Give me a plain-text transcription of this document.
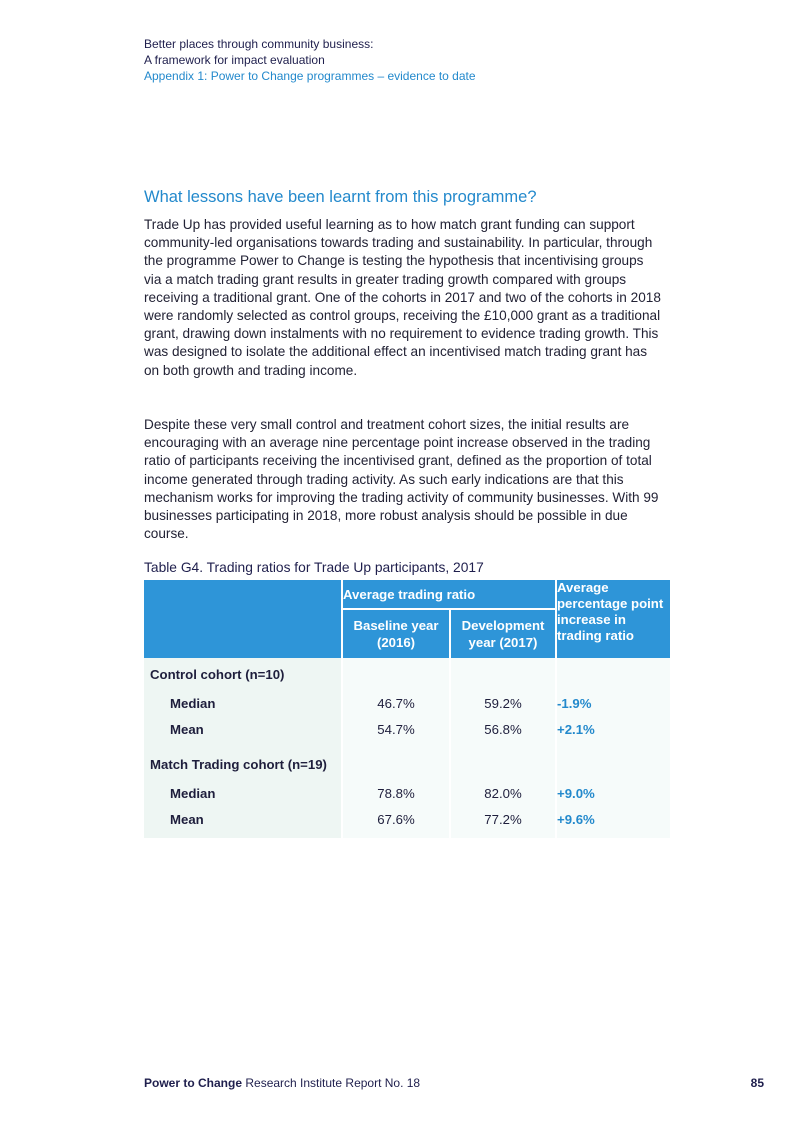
Better places through community business:
A framework for impact evaluation
Appendix 1: Power to Change programmes – evidence to date
What lessons have been learnt from this programme?

Trade Up has provided useful learning as to how match grant funding can support community-led organisations towards trading and sustainability. In particular, through the programme Power to Change is testing the hypothesis that incentivising groups via a match trading grant results in greater trading growth compared with groups receiving a traditional grant. One of the cohorts in 2017 and two of the cohorts in 2018 were randomly selected as control groups, receiving the £10,000 grant as a traditional grant, drawing down instalments with no requirement to evidence trading growth. This was designed to isolate the additional effect an incentivised match trading grant has on both growth and trading income.

Despite these very small control and treatment cohort sizes, the initial results are encouraging with an average nine percentage point increase observed in the trading ratio of participants receiving the incentivised grant, defined as the proportion of total income generated through trading activity. As such early indications are that this mechanism works for improving the trading activity of community businesses. With 99 businesses participating in 2018, more robust analysis should be possible in due course.

Table G4. Trading ratios for Trade Up participants, 2017
	Average trading ratio		Average percentage point increase in trading ratio
	Baseline year (2016)	Development year (2017)	
Control cohort (n=10)			
Median	46.7%	59.2%	-1.9%
Mean	54.7%	56.8%	+2.1%

Match Trading cohort (n=19)			
Median	78.8%	82.0%	+9.0%
Mean	67.6%	77.2%	+9.6%

Power to Change Research Institute Report No. 18	85
